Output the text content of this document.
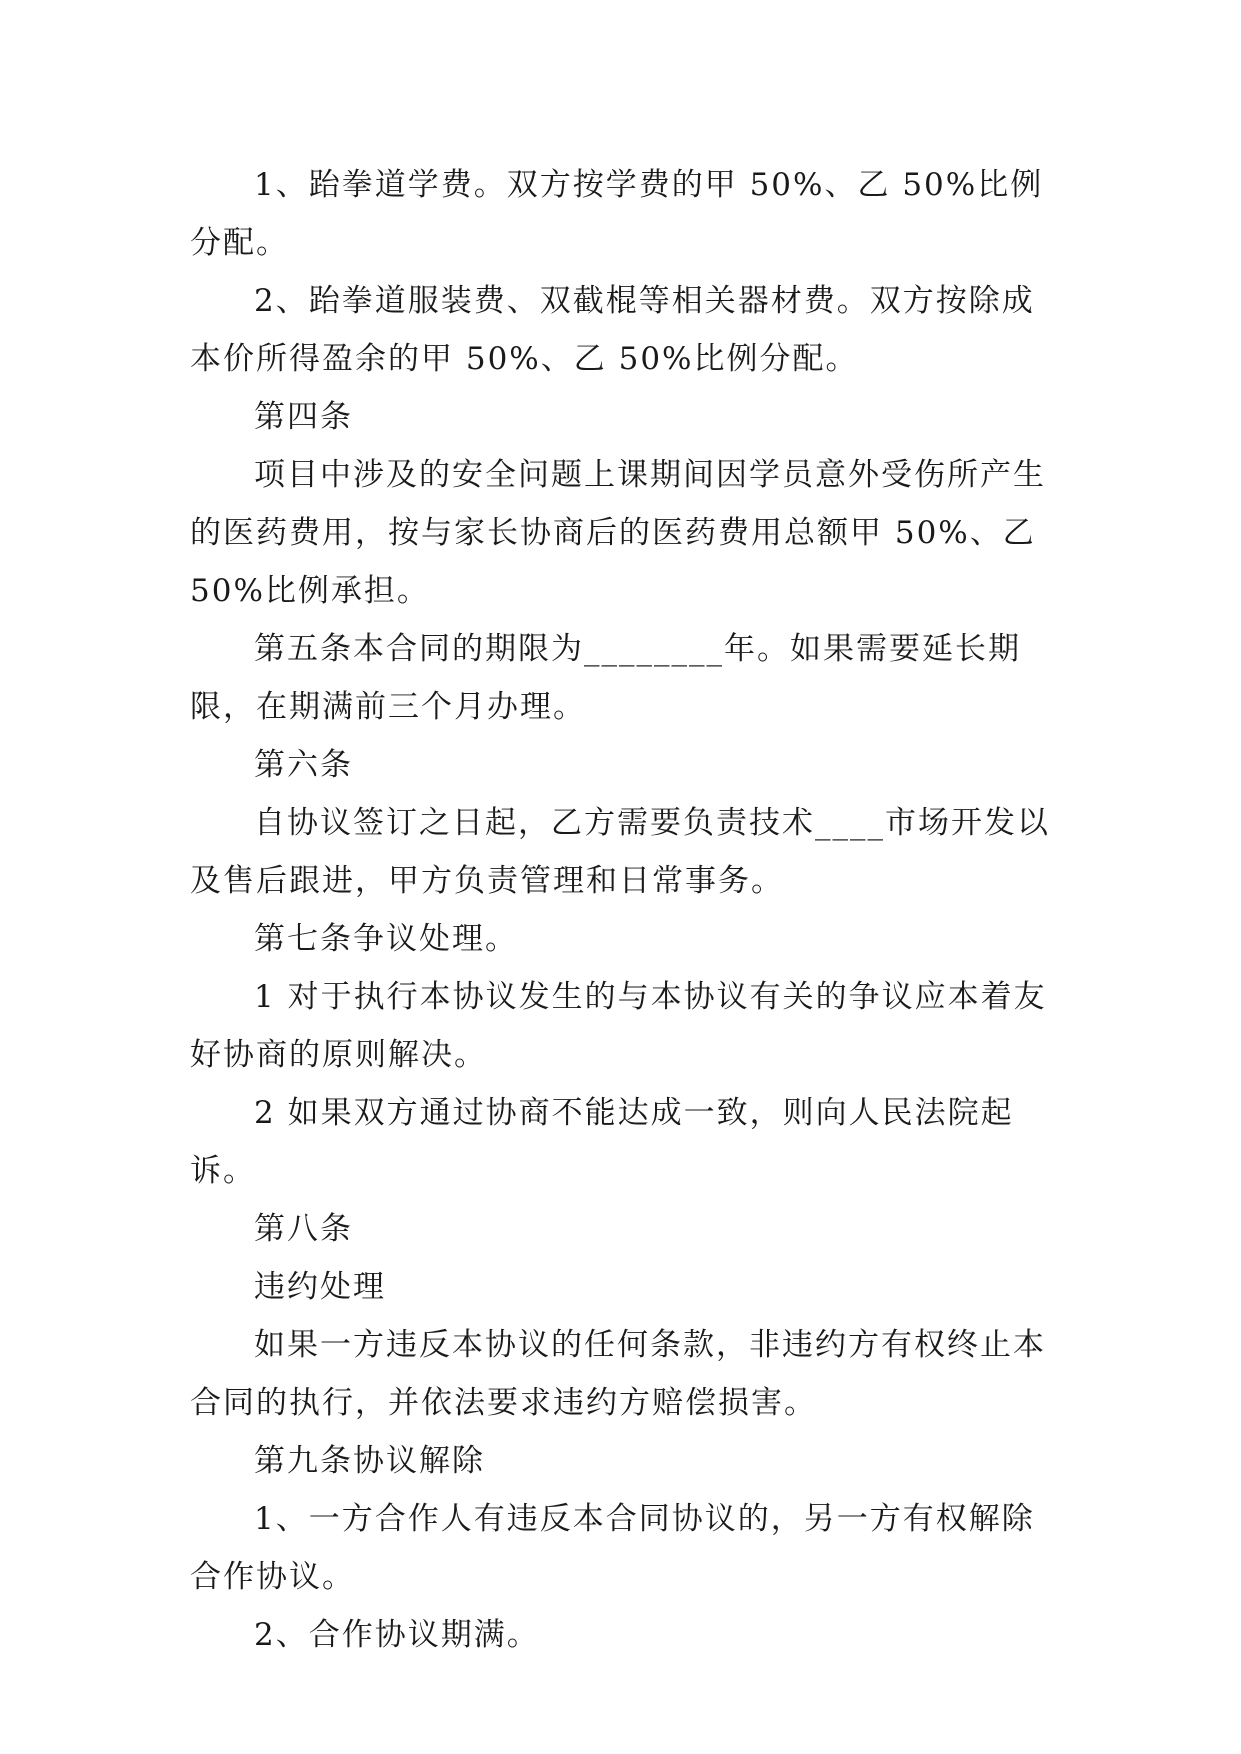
1、跆拳道学费。双方按学费的甲 50%、乙 50%比例分配。

2、跆拳道服装费、双截棍等相关器材费。双方按除成本价所得盈余的甲 50%、乙 50%比例分配。

第四条

项目中涉及的安全问题上课期间因学员意外受伤所产生的医药费用，按与家长协商后的医药费用总额甲 50%、乙 50%比例承担。

第五条本合同的期限为________年。如果需要延长期限，在期满前三个月办理。

第六条

自协议签订之日起，乙方需要负责技术____市场开发以及售后跟进，甲方负责管理和日常事务。

第七条争议处理。

1 对于执行本协议发生的与本协议有关的争议应本着友好协商的原则解决。

2 如果双方通过协商不能达成一致，则向人民法院起诉。

第八条

违约处理

如果一方违反本协议的任何条款，非违约方有权终止本合同的执行，并依法要求违约方赔偿损害。

第九条协议解除

1、一方合作人有违反本合同协议的，另一方有权解除合作协议。

2、合作协议期满。
